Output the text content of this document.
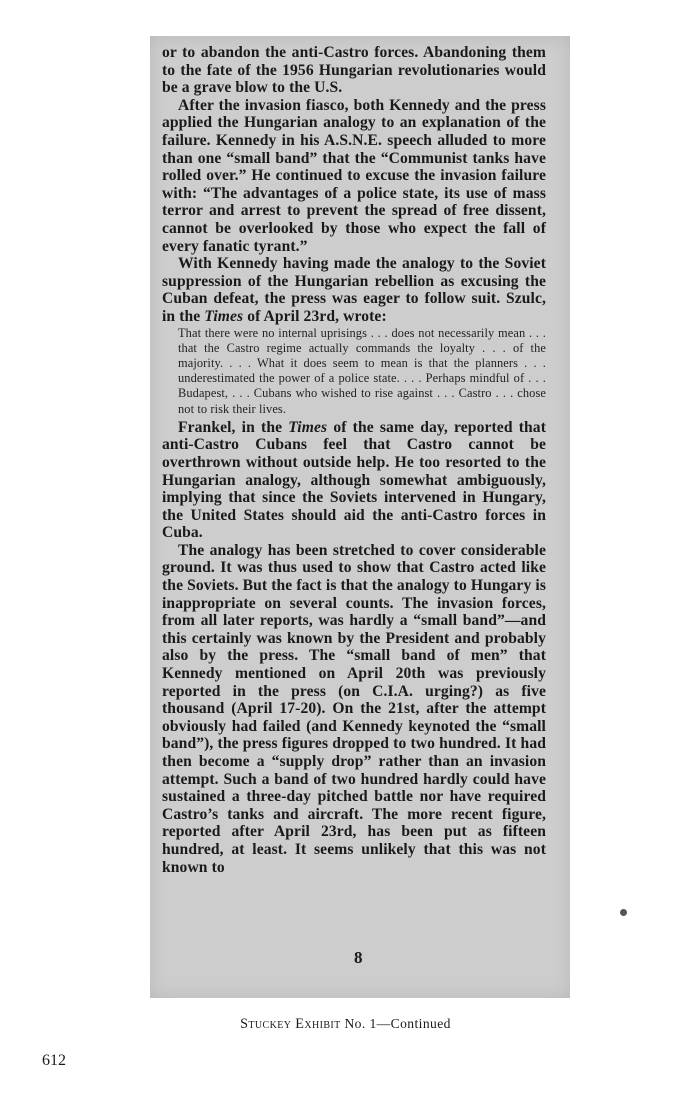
or to abandon the anti-Castro forces. Abandoning them to the fate of the 1956 Hungarian revolutionaries would be a grave blow to the U.S.

After the invasion fiasco, both Kennedy and the press applied the Hungarian analogy to an explanation of the failure. Kennedy in his A.S.N.E. speech alluded to more than one “small band” that the “Communist tanks have rolled over.” He continued to excuse the invasion failure with: “The advantages of a police state, its use of mass terror and arrest to prevent the spread of free dissent, cannot be overlooked by those who expect the fall of every fanatic tyrant.”

With Kennedy having made the analogy to the Soviet suppression of the Hungarian rebellion as excusing the Cuban defeat, the press was eager to follow suit. Szulc, in the Times of April 23rd, wrote:

That there were no internal uprisings . . . does not necessarily mean . . . that the Castro regime actually commands the loyalty . . . of the majority. . . . What it does seem to mean is that the planners . . . underestimated the power of a police state. . . . Perhaps mindful of . . . Budapest, . . . Cubans who wished to rise against . . . Castro . . . chose not to risk their lives.

Frankel, in the Times of the same day, reported that anti-Castro Cubans feel that Castro cannot be overthrown without outside help. He too resorted to the Hungarian analogy, although somewhat ambiguously, implying that since the Soviets intervened in Hungary, the United States should aid the anti-Castro forces in Cuba.

The analogy has been stretched to cover considerable ground. It was thus used to show that Castro acted like the Soviets. But the fact is that the analogy to Hungary is inappropriate on several counts. The invasion forces, from all later reports, was hardly a “small band”—and this certainly was known by the President and probably also by the press. The “small band of men” that Kennedy mentioned on April 20th was previously reported in the press (on C.I.A. urging?) as five thousand (April 17-20). On the 21st, after the attempt obviously had failed (and Kennedy keynoted the “small band”), the press figures dropped to two hundred. It had then become a “supply drop” rather than an invasion attempt. Such a band of two hundred hardly could have sustained a three-day pitched battle nor have required Castro’s tanks and aircraft. The more recent figure, reported after April 23rd, has been put as fifteen hundred, at least. It seems unlikely that this was not known to

8
Stuckey Exhibit No. 1—Continued
612
